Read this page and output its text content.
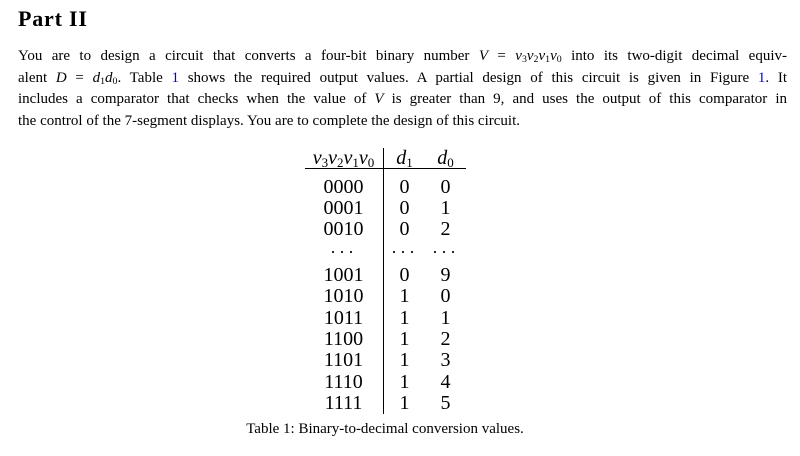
Part II
You are to design a circuit that converts a four-bit binary number $V = v_3v_2v_1v_0$ into its two-digit decimal equiv-
alent $D = d_1d_0$. Table 1 shows the required output values. A partial design of this circuit is given in Figure 1. It
includes a comparator that checks when the value of V is greater than 9, and uses the output of this comparator in
the control of the 7-segment displays. You are to complete the design of this circuit.
$v_3v_2v_1v_0$	$d_1$	$d_0$
0000	0	0
0001	0	1
0010	0	2
···	···	···
1001	0	9
1010	1	0
1011	1	1
1100	1	2
1101	1	3
1110	1	4
1111	1	5
Table 1: Binary-to-decimal conversion values.
